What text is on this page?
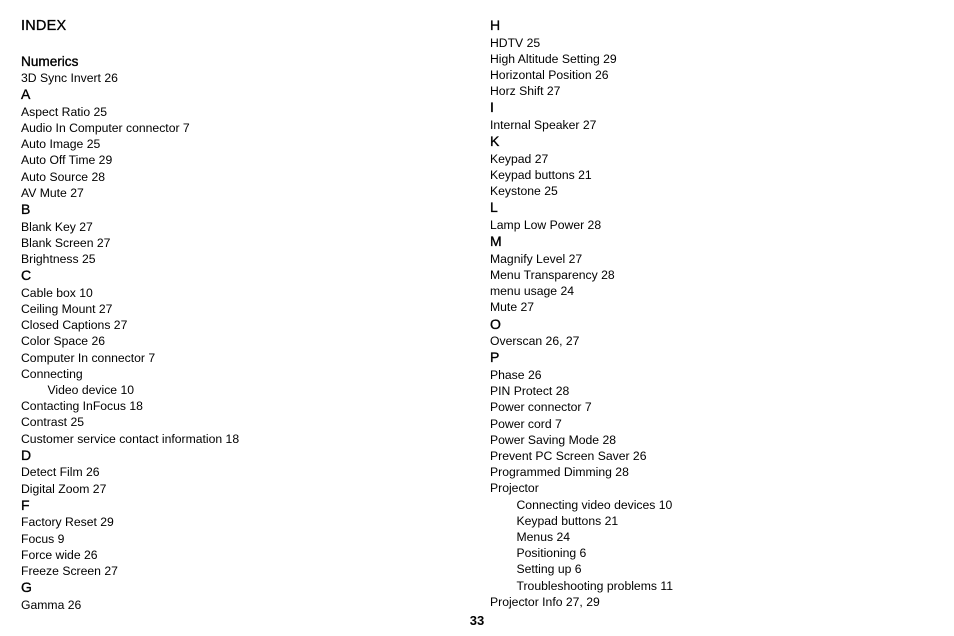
INDEX
Numerics
3D Sync Invert 26
A
Aspect Ratio 25
Audio In Computer connector 7
Auto Image 25
Auto Off Time 29
Auto Source 28
AV Mute 27
B
Blank Key 27
Blank Screen 27
Brightness 25
C
Cable box 10
Ceiling Mount 27
Closed Captions 27
Color Space 26
Computer In connector 7
Connecting
Video device 10
Contacting InFocus 18
Contrast 25
Customer service contact information 18
D
Detect Film 26
Digital Zoom 27
F
Factory Reset 29
Focus 9
Force wide 26
Freeze Screen 27
G
Gamma 26
H
HDTV 25
High Altitude Setting 29
Horizontal Position 26
Horz Shift 27
I
Internal Speaker 27
K
Keypad 27
Keypad buttons 21
Keystone 25
L
Lamp Low Power 28
M
Magnify Level 27
Menu Transparency 28
menu usage 24
Mute 27
O
Overscan 26, 27
P
Phase 26
PIN Protect 28
Power connector 7
Power cord 7
Power Saving Mode 28
Prevent PC Screen Saver 26
Programmed Dimming 28
Projector
Connecting video devices 10
Keypad buttons 21
Menus 24
Positioning 6
Setting up 6
Troubleshooting problems 11
Projector Info 27, 29
33
